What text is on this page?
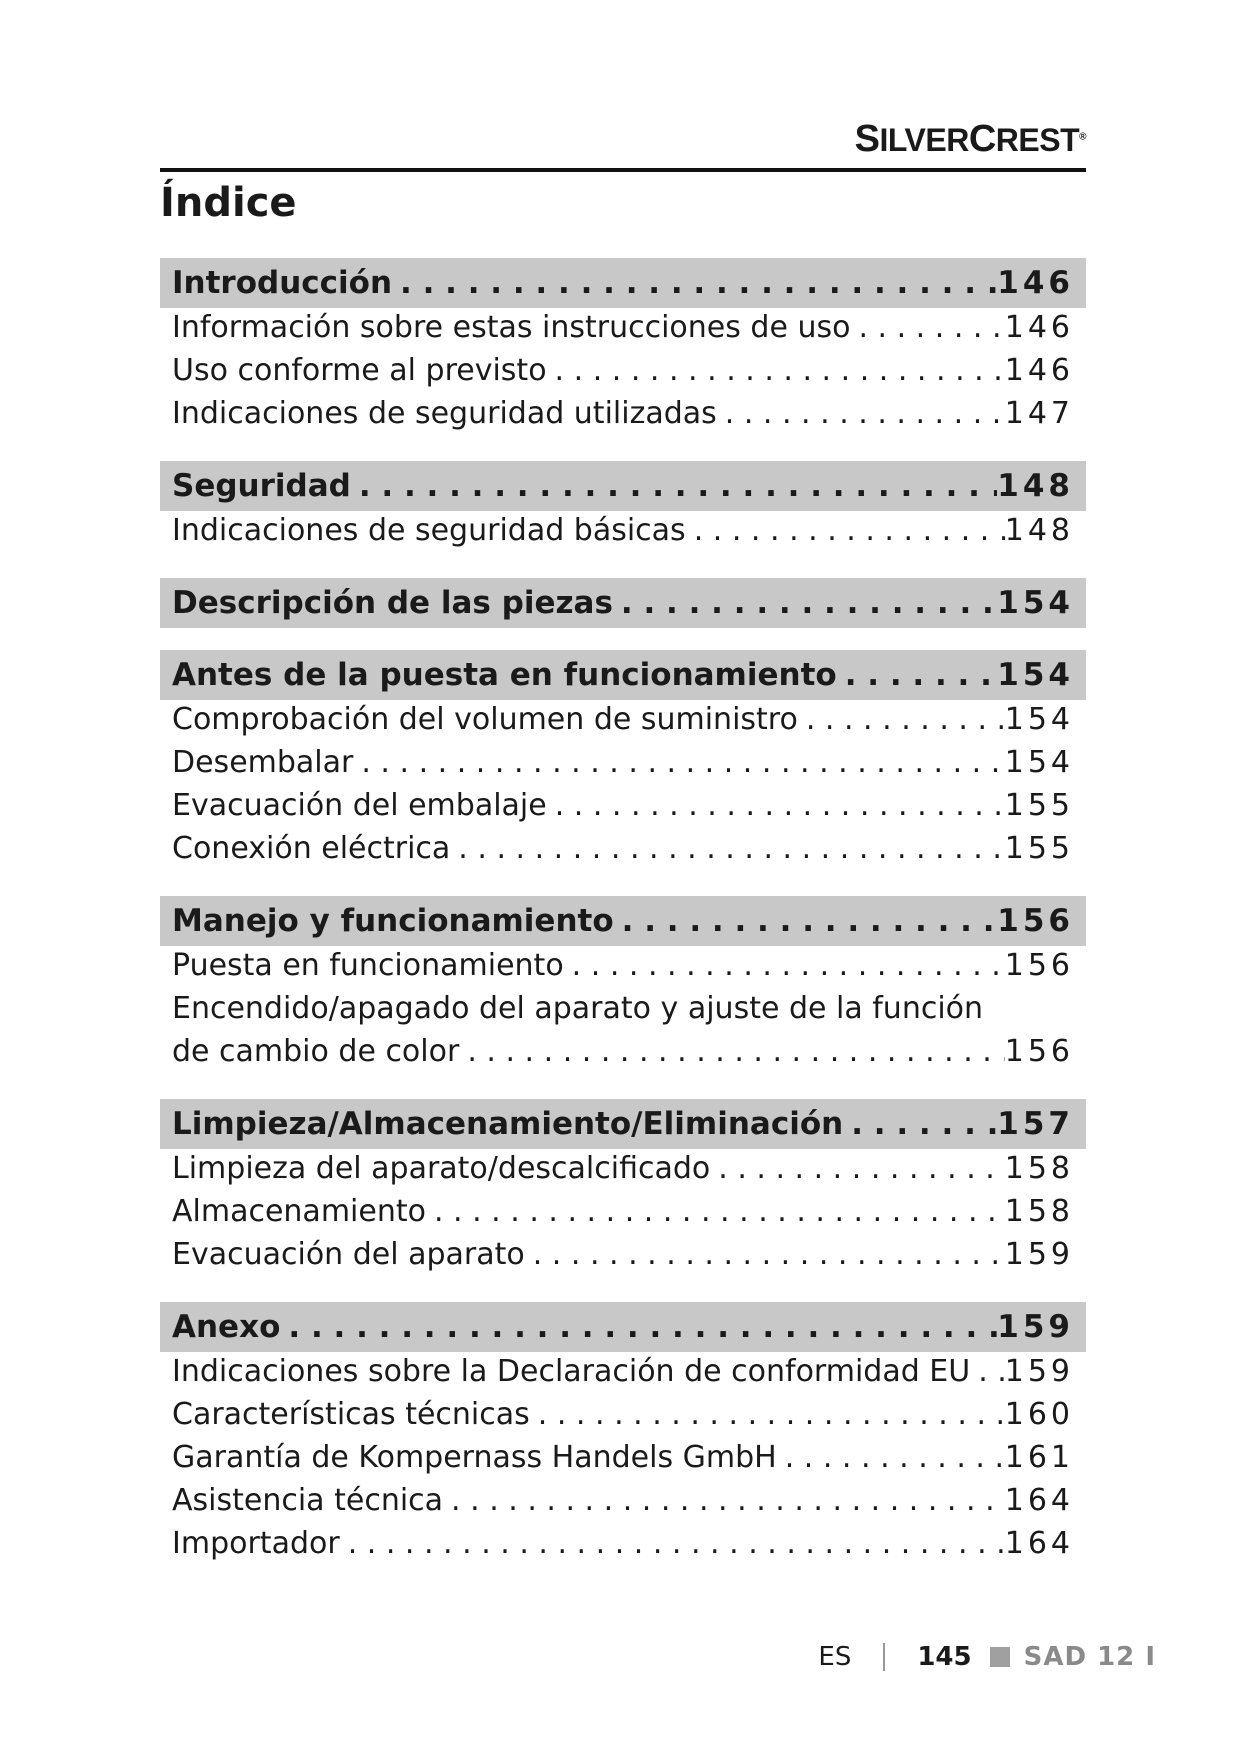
SILVERCREST®
Índice
Introducción . . .	146
Información sobre estas instrucciones de uso . . .	146
Uso conforme al previsto . . .	146
Indicaciones de seguridad utilizadas . . .	147
Seguridad . . .	148
Indicaciones de seguridad básicas . . .	148
Descripción de las piezas . . .	154
Antes de la puesta en funcionamiento . . .	154
Comprobación del volumen de suministro . . .	154
Desembalar . . .	154
Evacuación del embalaje . . .	155
Conexión eléctrica . . .	155
Manejo y funcionamiento . . .	156
Puesta en funcionamiento . . .	156
Encendido/apagado del aparato y ajuste de la función
de cambio de color . . .	156
Limpieza/Almacenamiento/Eliminación . . .	157
Limpieza del aparato/descalcificado . . .	158
Almacenamiento . . .	158
Evacuación del aparato . . .	159
Anexo . . .	159
Indicaciones sobre la Declaración de conformidad EU . . . 159
Características técnicas . . .	160
Garantía de Kompernass Handels GmbH . . .	161
Asistencia técnica . . .	164
Importador . . .	164
ES	145 SAD 12 I
